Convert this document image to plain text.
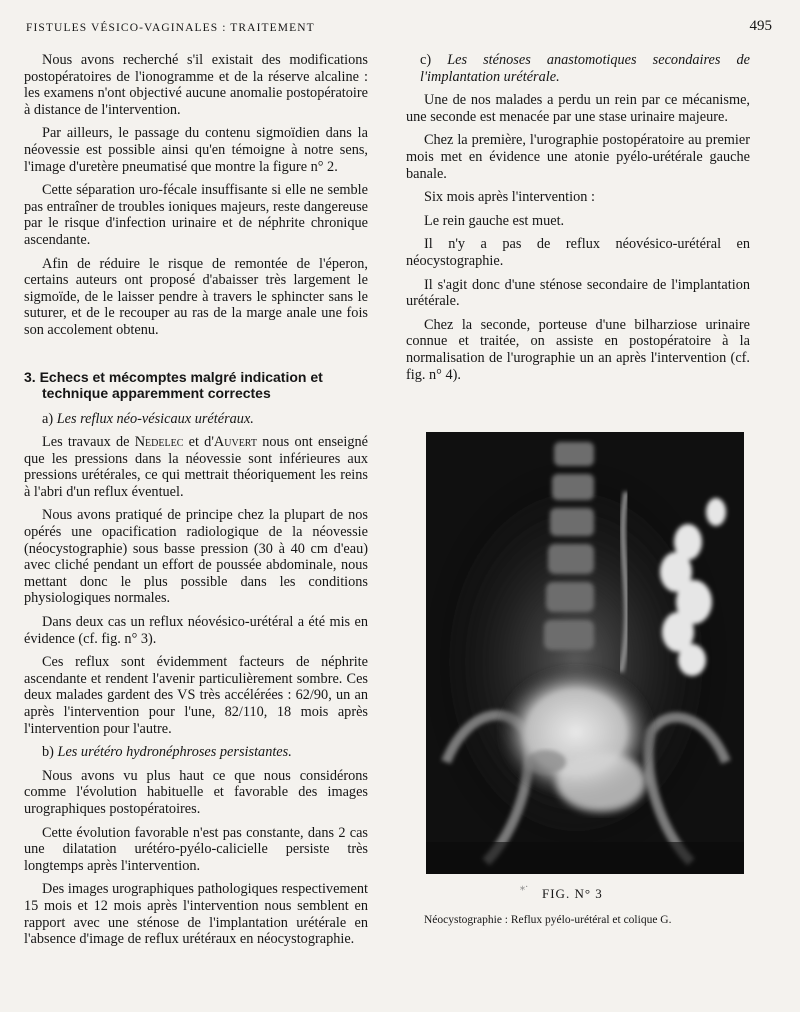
FISTULES VÉSICO-VAGINALES : TRAITEMENT	495

Nous avons recherché s'il existait des modifications postopératoires de l'ionogramme et de la réserve alcaline : les examens n'ont objectivé aucune anomalie postopératoire à distance de l'intervention.

Par ailleurs, le passage du contenu sigmoïdien dans la néovessie est possible ainsi qu'en témoigne à notre sens, l'image d'uretère pneumatisé que montre la figure n° 2.

Cette séparation uro-fécale insuffisante si elle ne semble pas entraîner de troubles ioniques majeurs, reste dangereuse par le risque d'infection urinaire et de néphrite chronique ascendante.

Afin de réduire le risque de remontée de l'éperon, certains auteurs ont proposé d'abaisser très largement le sigmoïde, de le laisser pendre à travers le sphincter sans le suturer, et de le recouper au ras de la marge anale une fois son accolement obtenu.

3. Echecs et mécomptes malgré indication et technique apparemment correctes
a) Les reflux néo-vésicaux urétéraux.

Les travaux de Nedelec et d'Auvert nous ont enseigné que les pressions dans la néovessie sont inférieures aux pressions urétérales, ce qui mettrait théoriquement les reins à l'abri d'un reflux éventuel.

Nous avons pratiqué de principe chez la plupart de nos opérés une opacification radiologique de la néovessie (néocystographie) sous basse pression (30 à 40 cm d'eau) avec cliché pendant un effort de poussée abdominale, nous mettant donc le plus possible dans les conditions physiologiques normales.

Dans deux cas un reflux néovésico-urétéral a été mis en évidence (cf. fig. n° 3).

Ces reflux sont évidemment facteurs de néphrite ascendante et rendent l'avenir particulièrement sombre. Ces deux malades gardent des VS très accélérées : 62/90, un an après l'intervention pour l'une, 82/110, 18 mois après l'intervention pour l'autre.

b) Les urétéro hydronéphroses persistantes.

Nous avons vu plus haut ce que nous considérons comme l'évolution habituelle et favorable des images urographiques postopératoires.

Cette évolution favorable n'est pas constante, dans 2 cas une dilatation urétéro-pyélo-calicielle persiste très longtemps après l'intervention.

Des images urographiques pathologiques respectivement 15 mois et 12 mois après l'intervention nous semblent en rapport avec une sténose de l'implantation urétérale en l'absence d'image de reflux urétéraux en néocystographie.

c) Les sténoses anastomotiques secondaires de l'implantation urétérale.

Une de nos malades a perdu un rein par ce mécanisme, une seconde est menacée par une stase urinaire majeure.

Chez la première, l'urographie postopératoire au premier mois met en évidence une atonie pyélo-urétérale gauche banale.

Six mois après l'intervention :

Le rein gauche est muet.

Il n'y a pas de reflux néovésico-urétéral en néocystographie.

Il s'agit donc d'une sténose secondaire de l'implantation urétérale.

Chez la seconde, porteuse d'une bilharziose urinaire connue et traitée, on assiste en postopératoire à la normalisation de l'urographie un an après l'intervention (cf. fig. n° 4).

⁎· FIG. N° 3
Néocystographie : Reflux pyélo-urétéral et colique G.
